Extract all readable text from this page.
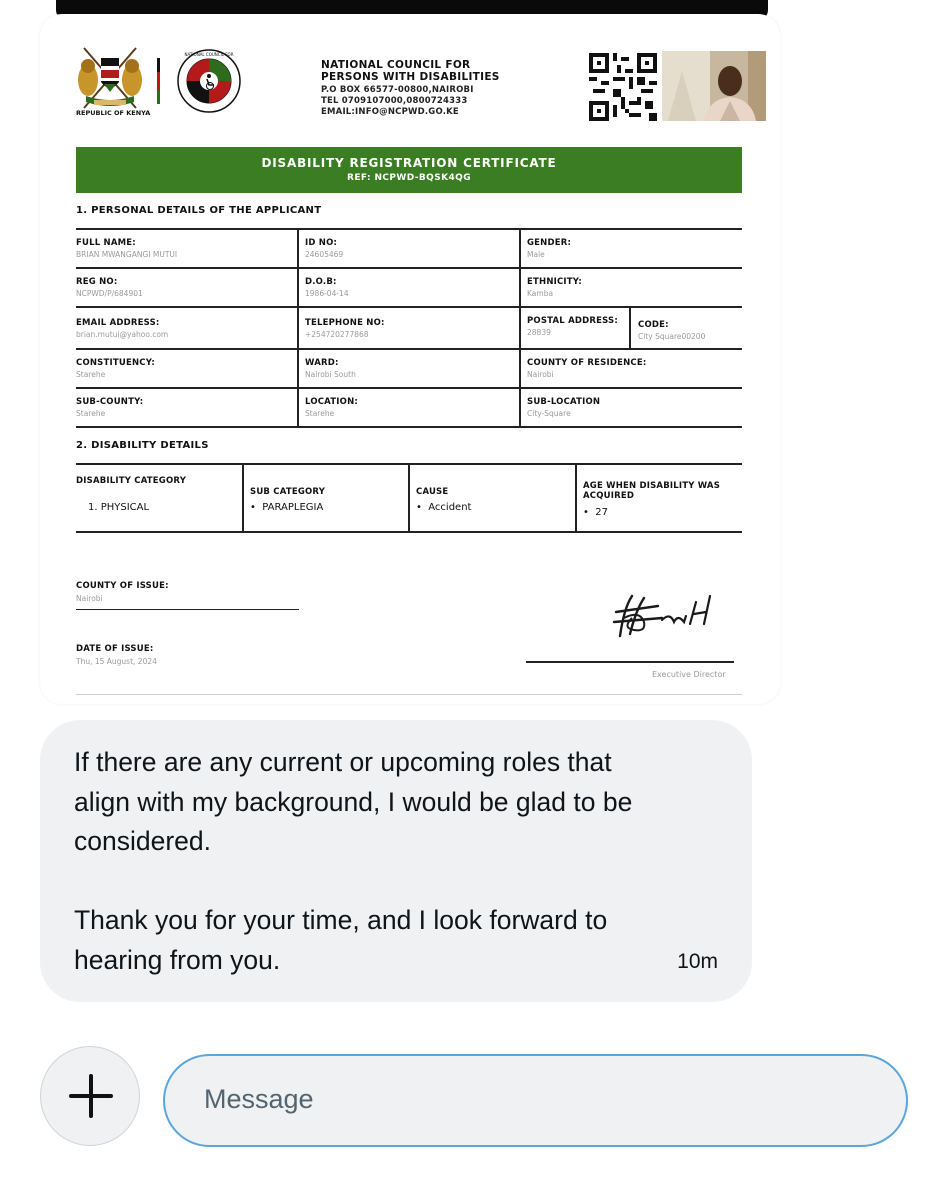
REPUBLIC OF KENYA
NATIONAL COUNCIL FOR
NATIONAL COUNCIL FOR
PERSONS WITH DISABILITIES
P.O BOX 66577-00800,NAIROBI
TEL 0709107000,0800724333
EMAIL:INFO@NCPWD.GO.KE
DISABILITY REGISTRATION CERTIFICATE
REF: NCPWD-BQSK4QG
1. PERSONAL DETAILS OF THE APPLICANT
FULL NAME:
BRIAN MWANGANGI MUTUI
ID NO:
24605469
GENDER:
Male
REG NO:
NCPWD/P/684901
D.O.B:
1986-04-14
ETHNICITY:
Kamba
EMAIL ADDRESS:
brian.mutui@yahoo.com
TELEPHONE NO:
+254720277868
POSTAL ADDRESS:
28839
CODE:
City Square00200
CONSTITUENCY:
Starehe
WARD:
Nairobi South
COUNTY OF RESIDENCE:
Nairobi
SUB-COUNTY:
Starehe
LOCATION:
Starehe
SUB-LOCATION
City-Square
2. DISABILITY DETAILS
DISABILITY CATEGORY
1. PHYSICAL
SUB CATEGORY
• PARAPLEGIA
CAUSE
• Accident
AGE WHEN DISABILITY WAS
ACQUIRED
• 27
COUNTY OF ISSUE:
Nairobi
DATE OF ISSUE:
Thu, 15 August, 2024
Executive Director
If there are any current or upcoming roles that
align with my background, I would be glad to be
considered.
Thank you for your time, and I look forward to
hearing from you.	10m
Message
